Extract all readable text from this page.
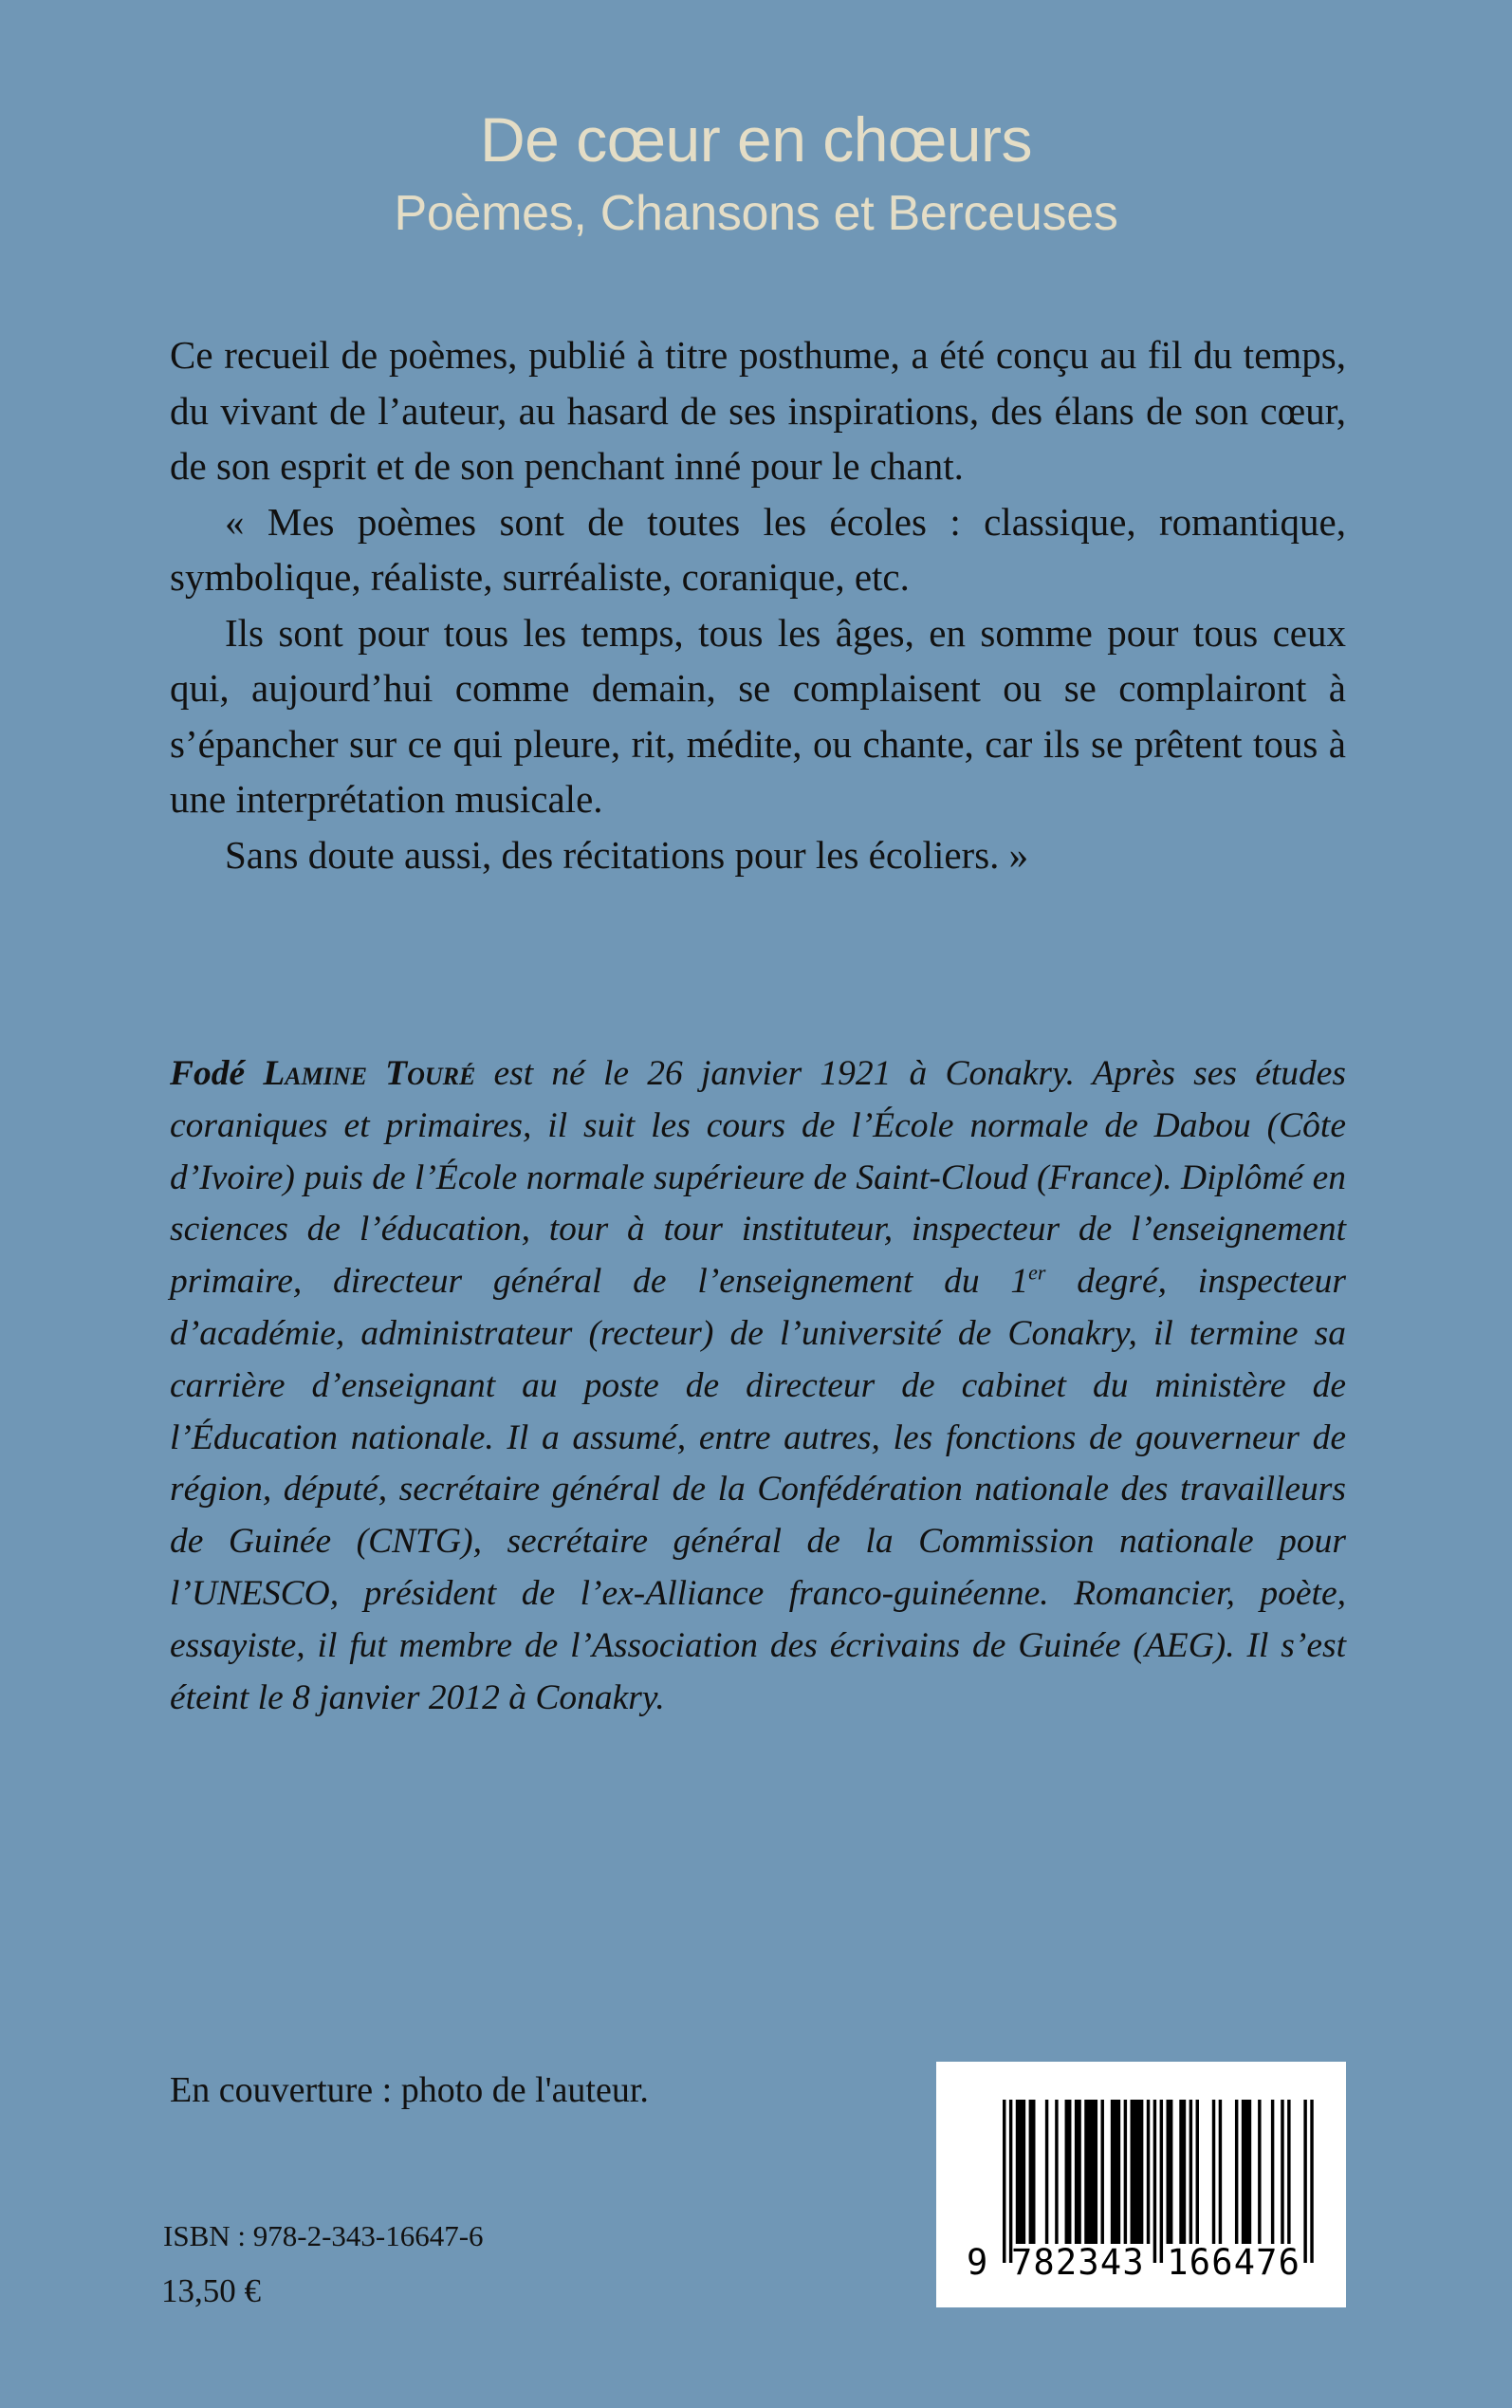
De cœur en chœurs
Poèmes, Chansons et Berceuses

Ce recueil de poèmes, publié à titre posthume, a été conçu au fil du temps, du vivant de l’auteur, au hasard de ses inspirations, des élans de son cœur, de son esprit et de son penchant inné pour le chant.

« Mes poèmes sont de toutes les écoles : classique, romantique, symbolique, réaliste, surréaliste, coranique, etc.

Ils sont pour tous les temps, tous les âges, en somme pour tous ceux qui, aujourd’hui comme demain, se complaisent ou se complairont à s’épancher sur ce qui pleure, rit, médite, ou chante, car ils se prêtent tous à une interprétation musicale.

Sans doute aussi, des récitations pour les écoliers. »

Fodé Lamine Touré est né le 26 janvier 1921 à Conakry. Après ses études coraniques et primaires, il suit les cours de l’École normale de Dabou (Côte d’Ivoire) puis de l’École normale supérieure de Saint-Cloud (France). Diplômé en sciences de l’éducation, tour à tour instituteur, inspecteur de l’enseignement primaire, directeur général de l’enseignement du 1er degré, inspecteur d’académie, administrateur (recteur) de l’université de Conakry, il termine sa carrière d’enseignant au poste de directeur de cabinet du ministère de l’Éducation nationale. Il a assumé, entre autres, les fonctions de gouverneur de région, député, secrétaire général de la Confédération nationale des travailleurs de Guinée (CNTG), secrétaire général de la Commission nationale pour l’UNESCO, président de l’ex-Alliance franco-guinéenne. Romancier, poète, essayiste, il fut membre de l’Association des écrivains de Guinée (AEG). Il s’est éteint le 8 janvier 2012 à Conakry.

En couverture : photo de l'auteur.
ISBN : 978-2-343-16647-6
13,50 €
9 782343 166476
